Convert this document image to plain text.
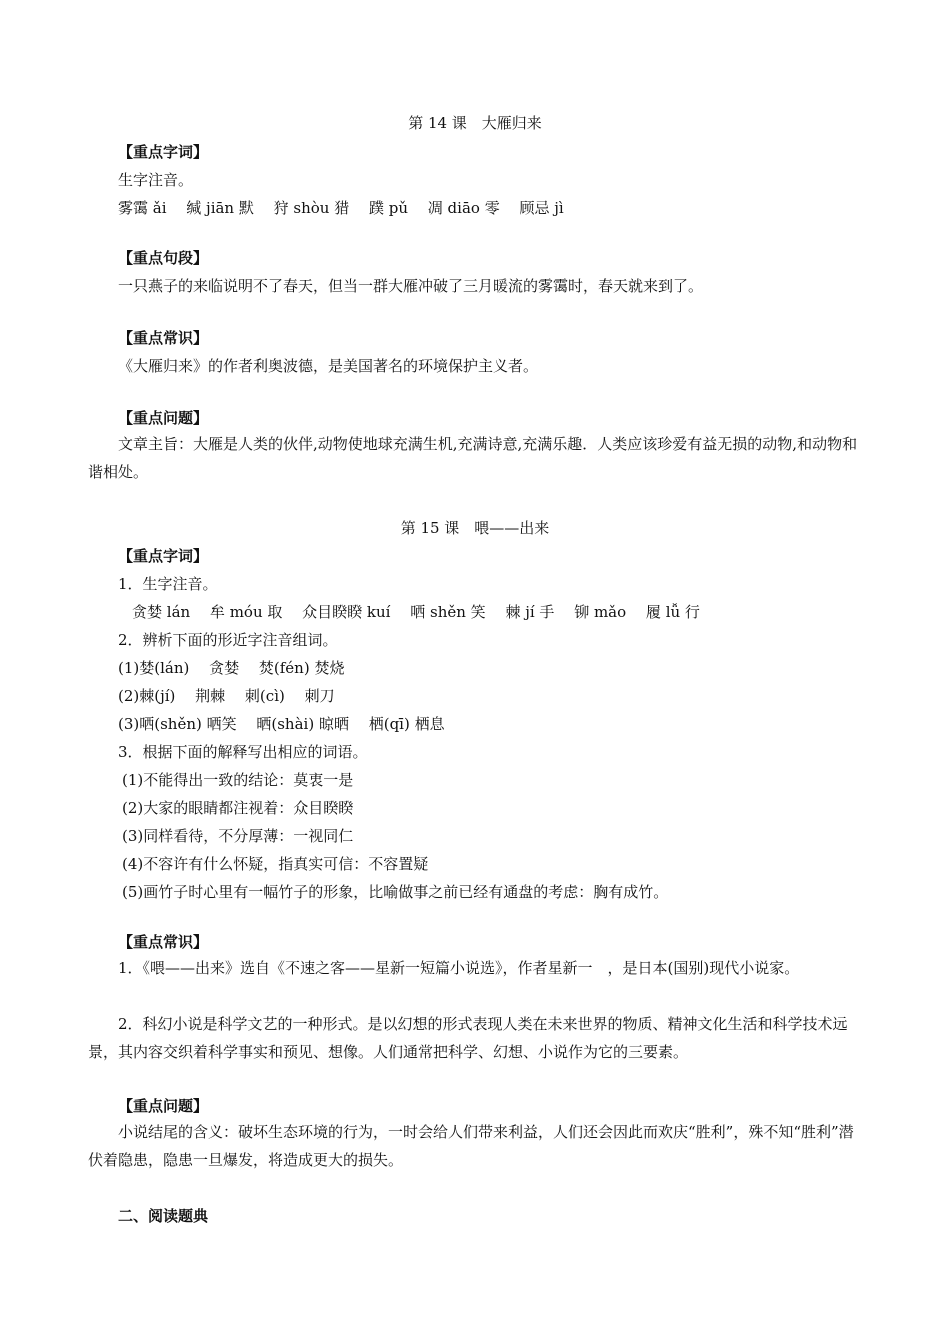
第 14 课　大雁归来
【重点字词】
生字注音。
雾霭 ǎi　 缄 jiān 默　 狩 shòu 猎　 蹼 pǔ　 凋 diāo 零　 顾忌 jì
【重点句段】
一只燕子的来临说明不了春天，但当一群大雁冲破了三月暖流的雾霭时，春天就来到了。
【重点常识】
《大雁归来》的作者利奥波德，是美国著名的环境保护主义者。
【重点问题】
文章主旨：大雁是人类的伙伴,动物使地球充满生机,充满诗意,充满乐趣．人类应该珍爱有益无损的动物,和动物和谐相处。
第 15 课　喂——出来
【重点字词】
1．生字注音。
贪婪 lán　 牟 móu 取　 众目睽睽 kuí　 哂 shěn 笑　 棘 jí 手　 铆 mǎo　 履 lǚ 行
2．辨析下面的形近字注音组词。
(1)婪(lán)　 贪婪　 焚(fén) 焚烧
(2)棘(jí)　 荆棘　 刺(cì)　 刺刀
(3)哂(shěn) 哂笑　 晒(shài) 晾晒　 栖(qī) 栖息
3．根据下面的解释写出相应的词语。
(1)不能得出一致的结论：莫衷一是
(2)大家的眼睛都注视着：众目睽睽
(3)同样看待，不分厚薄：一视同仁
(4)不容许有什么怀疑，指真实可信：不容置疑
(5)画竹子时心里有一幅竹子的形象，比喻做事之前已经有通盘的考虑：胸有成竹。
【重点常识】
1．《喂——出来》选自《不速之客——星新一短篇小说选》，作者星新一　，是日本(国别)现代小说家。
2．科幻小说是科学文艺的一种形式。是以幻想的形式表现人类在未来世界的物质、精神文化生活和科学技术远景，其内容交织着科学事实和预见、想像。人们通常把科学、幻想、小说作为它的三要素。
【重点问题】
小说结尾的含义：破坏生态环境的行为，一时会给人们带来利益，人们还会因此而欢庆“胜利”，殊不知“胜利”潜伏着隐患，隐患一旦爆发，将造成更大的损失。
二、阅读题典
